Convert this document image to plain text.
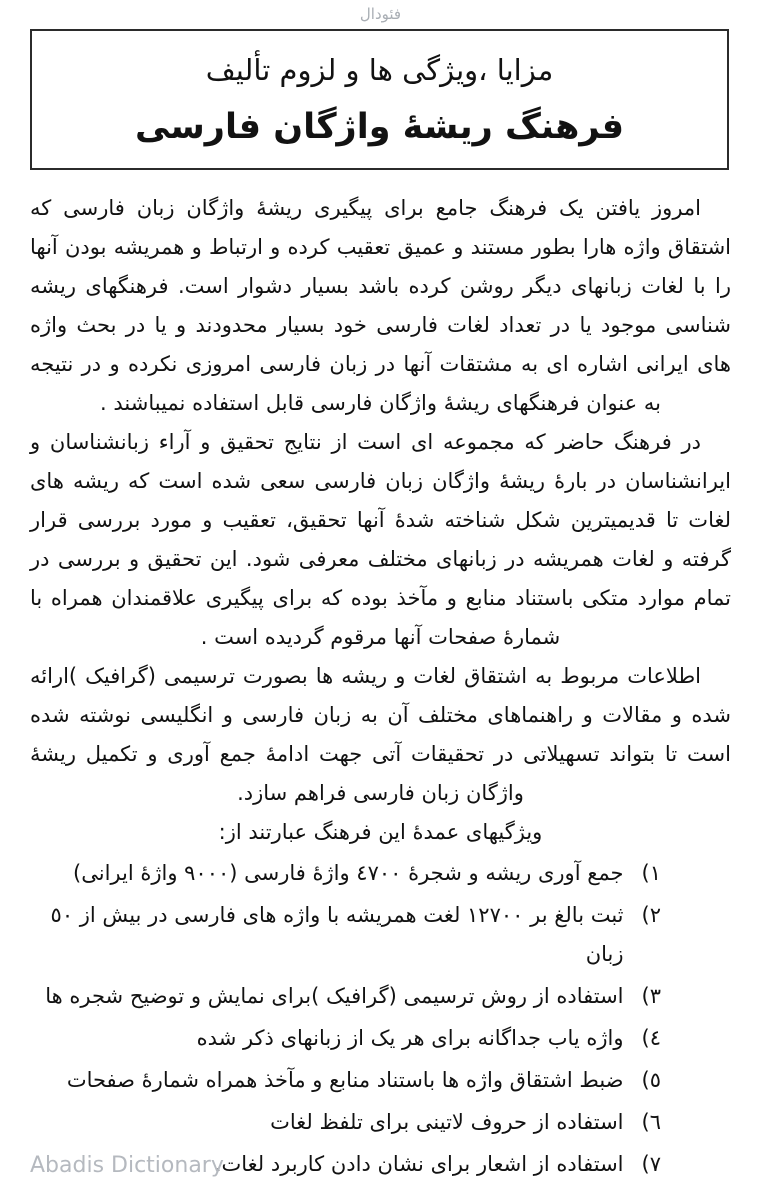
فئودال
مزایا ،ویژگی ها و لزوم تألیف
فرهنگ ریشۀ واژگان فارسی

امروز یافتن یک فرهنگ جامع برای پیگیری ریشۀ واژگان زبان فارسی که اشتقاق واژه هارا بطور مستند و عمیق تعقیب کرده و ارتباط و همریشه بودن آنها را با لغات زبانهای دیگر روشن کرده باشد بسیار دشوار است. فرهنگهای ریشه شناسی موجود یا در تعداد لغات فارسی خود بسیار محدودند و یا در بحث واژه های ایرانی اشاره ای به مشتقات آنها در زبان فارسی امروزی نکرده و در نتیجه به عنوان فرهنگهای ریشۀ واژگان فارسی قابل استفاده نمیباشند .

در فرهنگ حاضر که مجموعه ای است از نتایج تحقیق و آراء زبانشناسان و ایرانشناسان در بارۀ ریشۀ واژگان زبان فارسی سعی شده است که ریشه های لغات تا قدیمیترین شکل شناخته شدۀ آنها تحقیق، تعقیب و مورد بررسی قرار گرفته و لغات همریشه در زبانهای مختلف معرفی شود. این تحقیق و بررسی در تمام موارد متکی باستناد منابع و مآخذ بوده که برای پیگیری علاقمندان همراه با شمارۀ صفحات آنها مرقوم گردیده است .

اطلاعات مربوط به اشتقاق لغات و ریشه ها بصورت ترسیمی (گرافیک )ارائه شده و مقالات و راهنماهای مختلف آن به زبان فارسی و انگلیسی نوشته شده است تا بتواند تسهیلاتی در تحقیقات آتی جهت ادامۀ جمع آوری و تکمیل ریشۀ واژگان زبان فارسی فراهم سازد.

ویژگیهای عمدۀ این فرهنگ عبارتند از:

۱)
جمع آوری ریشه و شجرۀ ٤٧٠٠ واژۀ فارسی (۹۰۰۰ واژۀ ایرانی)
۲)
ثبت بالغ بر ۱۲۷۰۰ لغت همریشه با واژه های فارسی در بیش از ٥٠ زبان
۳)
استفاده از روش ترسیمی (گرافیک )برای نمایش و توضیح شجره ها
٤)
واژه یاب جداگانه برای هر یک از زبانهای ذکر شده
٥)
ضبط اشتقاق واژه ها باستناد منابع و مآخذ همراه شمارۀ صفحات
٦)
استفاده از حروف لاتینی برای تلفظ لغات
۷)
استفاده از اشعار برای نشان دادن کاربرد لغات.
Abadis Dictionary
